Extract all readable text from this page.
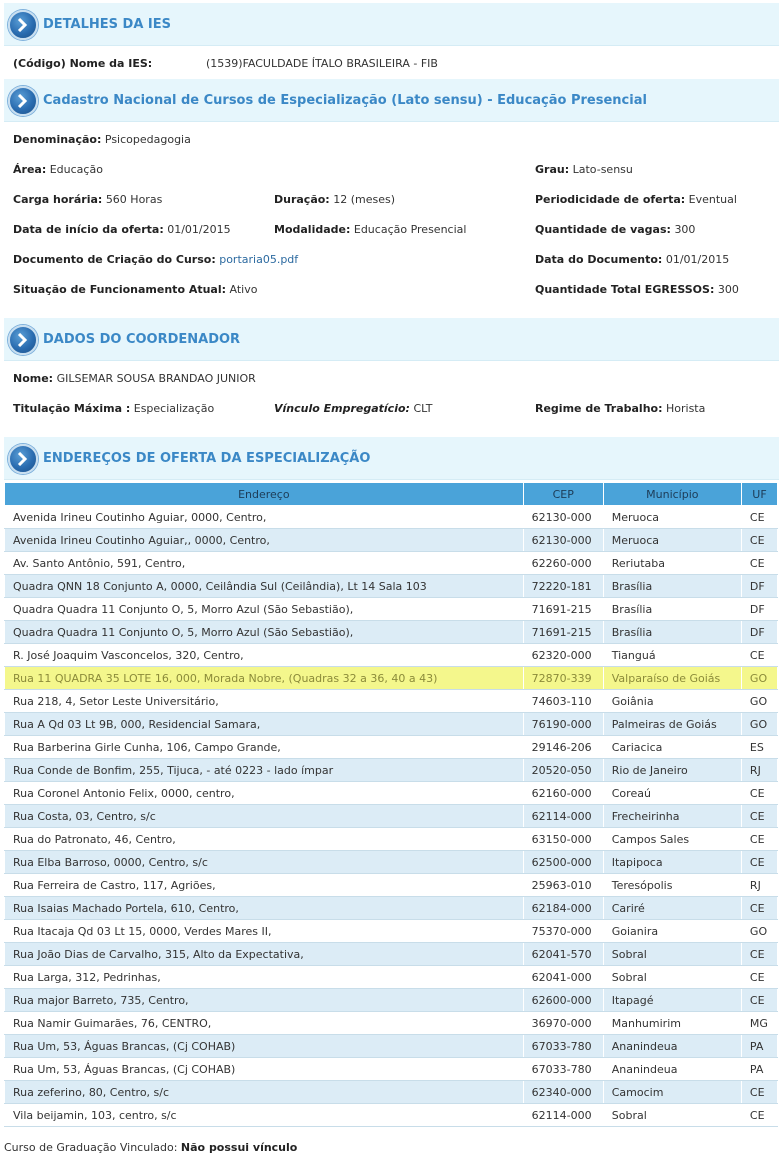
DETALHES DA IES
(Código) Nome da IES:	(1539)FACULDADE ÍTALO BRASILEIRA - FIB
Cadastro Nacional de Cursos de Especialização (Lato sensu) - Educação Presencial
Denominação: Psicopedagogia
Área: Educação	Grau: Lato-sensu
Carga horária: 560 Horas	Duração: 12 (meses)	Periodicidade de oferta: Eventual
Data de início da oferta: 01/01/2015	Modalidade: Educação Presencial	Quantidade de vagas: 300
Documento de Criação do Curso: portaria05.pdf	Data do Documento: 01/01/2015
Situação de Funcionamento Atual: Ativo	Quantidade Total EGRESSOS: 300
DADOS DO COORDENADOR
Nome: GILSEMAR SOUSA BRANDAO JUNIOR
Titulação Máxima : Especialização	Vínculo Empregatício: CLT	Regime de Trabalho: Horista
ENDEREÇOS DE OFERTA DA ESPECIALIZAÇÃO
Endereço	CEP	Município	UF
Avenida Irineu Coutinho Aguiar, 0000, Centro,	62130-000	Meruoca	CE
Avenida Irineu Coutinho Aguiar,, 0000, Centro,	62130-000	Meruoca	CE
Av. Santo Antônio, 591, Centro,	62260-000	Reriutaba	CE
Quadra QNN 18 Conjunto A, 0000, Ceilândia Sul (Ceilândia), Lt 14 Sala 103	72220-181	Brasília	DF
Quadra Quadra 11 Conjunto O, 5, Morro Azul (São Sebastião),	71691-215	Brasília	DF
Quadra Quadra 11 Conjunto O, 5, Morro Azul (São Sebastião),	71691-215	Brasília	DF
R. José Joaquim Vasconcelos, 320, Centro,	62320-000	Tianguá	CE
Rua 11 QUADRA 35 LOTE 16, 000, Morada Nobre, (Quadras 32 a 36, 40 a 43)	72870-339	Valparaíso de Goiás	GO
Rua 218, 4, Setor Leste Universitário,	74603-110	Goiânia	GO
Rua A Qd 03 Lt 9B, 000, Residencial Samara,	76190-000	Palmeiras de Goiás	GO
Rua Barberina Girle Cunha, 106, Campo Grande,	29146-206	Cariacica	ES
Rua Conde de Bonfim, 255, Tijuca, - até 0223 - lado ímpar	20520-050	Rio de Janeiro	RJ
Rua Coronel Antonio Felix, 0000, centro,	62160-000	Coreaú	CE
Rua Costa, 03, Centro, s/c	62114-000	Frecheirinha	CE
Rua do Patronato, 46, Centro,	63150-000	Campos Sales	CE
Rua Elba Barroso, 0000, Centro, s/c	62500-000	Itapipoca	CE
Rua Ferreira de Castro, 117, Agriões,	25963-010	Teresópolis	RJ
Rua Isaias Machado Portela, 610, Centro,	62184-000	Cariré	CE
Rua Itacaja Qd 03 Lt 15, 0000, Verdes Mares II,	75370-000	Goianira	GO
Rua João Dias de Carvalho, 315, Alto da Expectativa,	62041-570	Sobral	CE
Rua Larga, 312, Pedrinhas,	62041-000	Sobral	CE
Rua major Barreto, 735, Centro,	62600-000	Itapagé	CE
Rua Namir Guimarães, 76, CENTRO,	36970-000	Manhumirim	MG
Rua Um, 53, Águas Brancas, (Cj COHAB)	67033-780	Ananindeua	PA
Rua Um, 53, Águas Brancas, (Cj COHAB)	67033-780	Ananindeua	PA
Rua zeferino, 80, Centro, s/c	62340-000	Camocim	CE
Vila beijamin, 103, centro, s/c	62114-000	Sobral	CE
Curso de Graduação Vinculado: Não possui vínculo
